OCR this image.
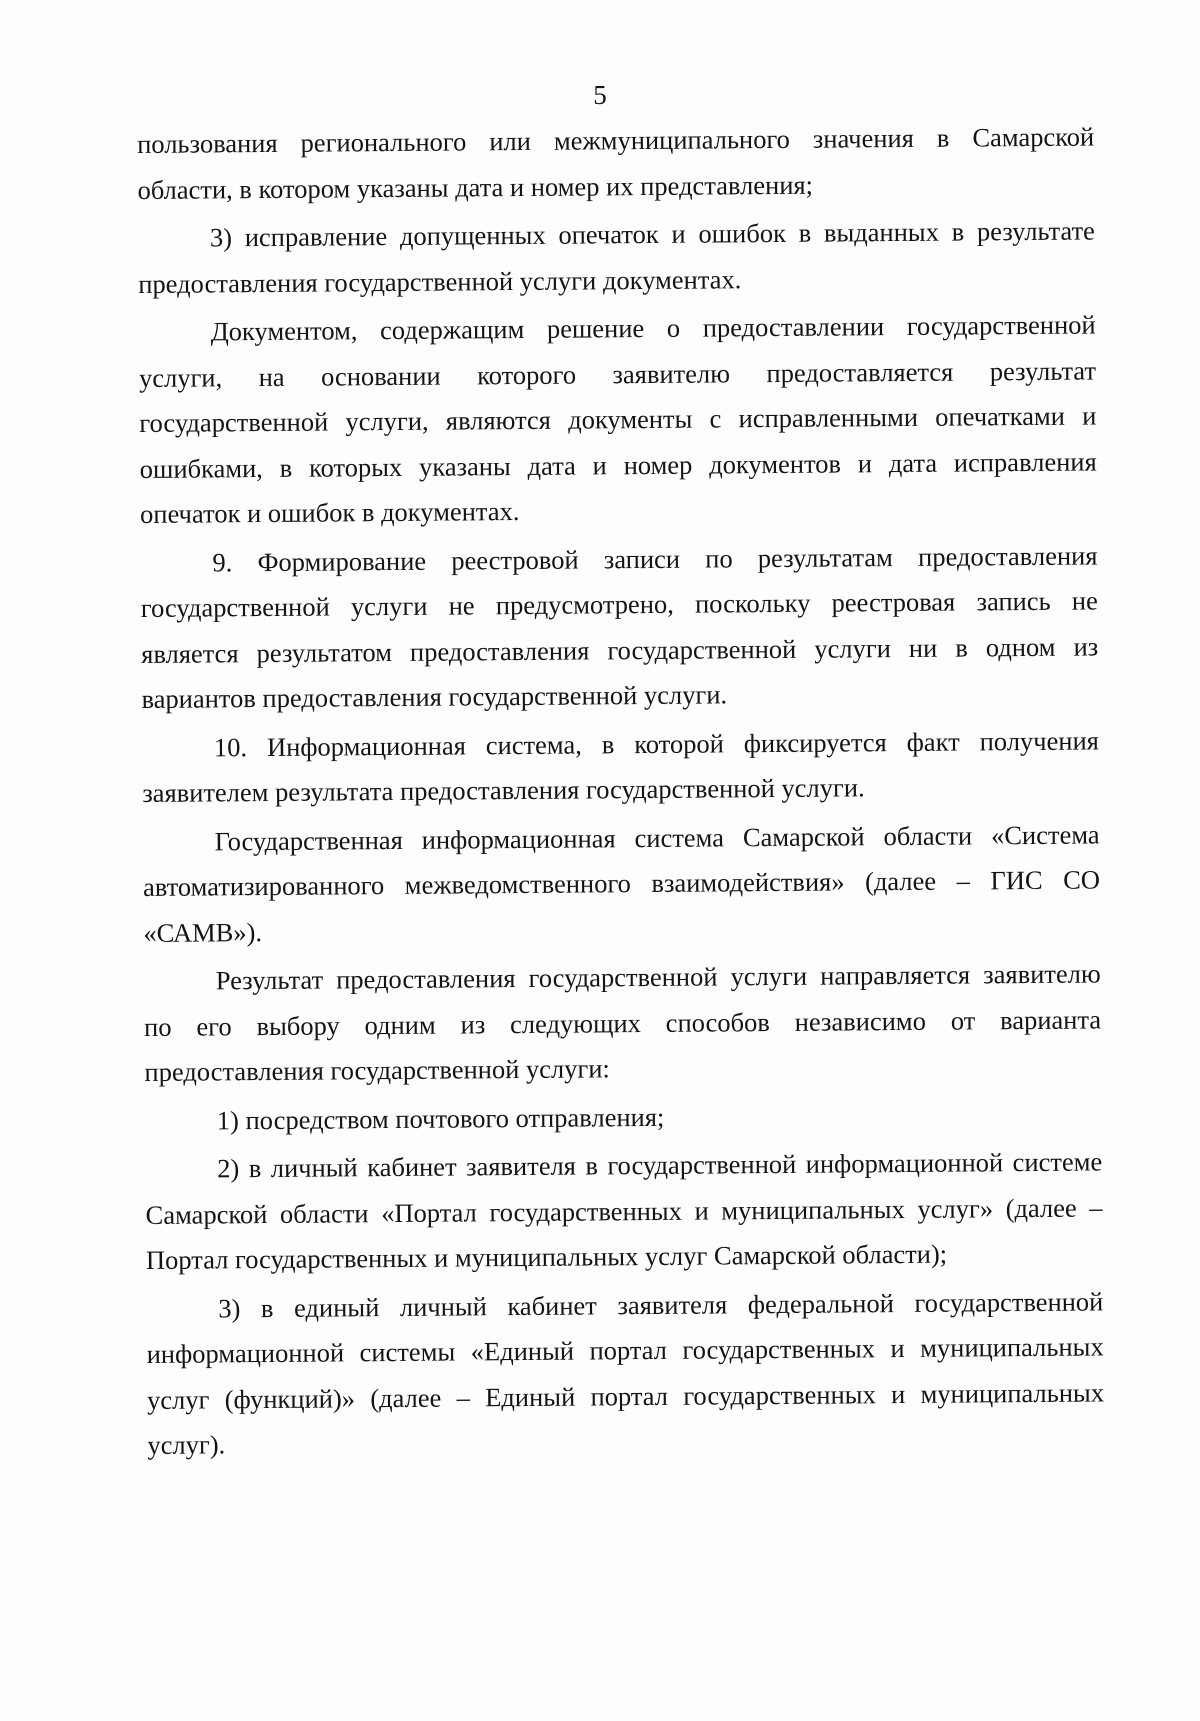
5

пользования регионального или межмуниципального значения в Самарской области, в котором указаны дата и номер их представления;

3) исправление допущенных опечаток и ошибок в выданных в результате предоставления государственной услуги документах.

Документом, содержащим решение о предоставлении государственной услуги, на основании которого заявителю предоставляется результат государственной услуги, являются документы с исправленными опечатками и ошибками, в которых указаны дата и номер документов и дата исправления опечаток и ошибок в документах.

9. Формирование реестровой записи по результатам предоставления государственной услуги не предусмотрено, поскольку реестровая запись не является результатом предоставления государственной услуги ни в одном из вариантов предоставления государственной услуги.

10. Информационная система, в которой фиксируется факт получения заявителем результата предоставления государственной услуги.

Государственная информационная система Самарской области «Система автоматизированного межведомственного взаимодействия» (далее – ГИС СО «САМВ»).

Результат предоставления государственной услуги направляется заявителю по его выбору одним из следующих способов независимо от варианта предоставления государственной услуги:

1) посредством почтового отправления;

2) в личный кабинет заявителя в государственной информационной системе Самарской области «Портал государственных и муниципальных услуг» (далее – Портал государственных и муниципальных услуг Самарской области);

3) в единый личный кабинет заявителя федеральной государственной информационной системы «Единый портал государственных и муниципальных услуг (функций)» (далее – Единый портал государственных и муниципальных услуг).
